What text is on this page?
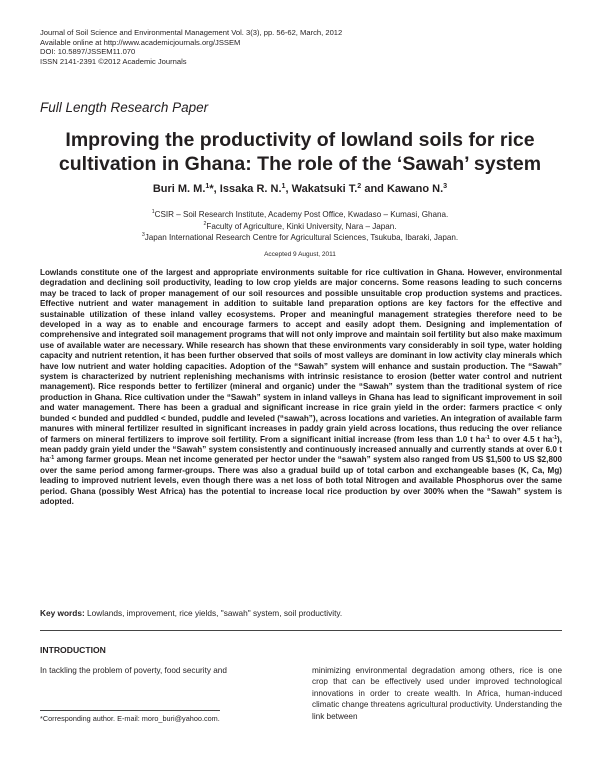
Journal of Soil Science and Environmental Management Vol. 3(3), pp. 56-62, March, 2012
Available online at http://www.academicjournals.org/JSSEM
DOI: 10.5897/JSSEM11.070
ISSN 2141-2391 ©2012 Academic Journals
Full Length Research Paper
Improving the productivity of lowland soils for rice
cultivation in Ghana: The role of the ‘Sawah’ system
Buri M. M.$^1$*, Issaka R. N.$^1$, Wakatsuki T.$^2$ and Kawano N.$^3$
$^1$CSIR – Soil Research Institute, Academy Post Office, Kwadaso – Kumasi, Ghana.
$^2$Faculty of Agriculture, Kinki University, Nara – Japan.
$^3$Japan International Research Centre for Agricultural Sciences, Tsukuba, Ibaraki, Japan.
Accepted 9 August, 2011
Lowlands constitute one of the largest and appropriate environments suitable for rice cultivation in Ghana. However, environmental degradation and declining soil productivity, leading to low crop yields are major concerns. Some reasons leading to such concerns may be traced to lack of proper management of our soil resources and possible unsuitable crop production systems and practices. Effective nutrient and water management in addition to suitable land preparation options are key factors for the effective and sustainable utilization of these inland valley ecosystems. Proper and meaningful management strategies therefore need to be developed in a way as to enable and encourage farmers to accept and easily adopt them. Designing and implementation of comprehensive and integrated soil management programs that will not only improve and maintain soil fertility but also make maximum use of available water are necessary. While research has shown that these environments vary considerably in soil type, water holding capacity and nutrient retention, it has been further observed that soils of most valleys are dominant in low activity clay minerals which have low nutrient and water holding capacities. Adoption of the “Sawah” system will enhance and sustain production. The “Sawah” system is characterized by nutrient replenishing mechanisms with intrinsic resistance to erosion (better water control and nutrient management). Rice responds better to fertilizer (mineral and organic) under the “Sawah” system than the traditional system of rice production in Ghana. Rice cultivation under the “Sawah” system in inland valleys in Ghana has lead to significant improvement in soil and water management. There has been a gradual and significant increase in rice grain yield in the order: farmers practice < only bunded < bunded and puddled < bunded, puddle and leveled (“sawah”), across locations and varieties. An integration of available farm manures with mineral fertilizer resulted in significant increases in paddy grain yield across locations, thus reducing the over reliance of farmers on mineral fertilizers to improve soil fertility. From a significant initial increase (from less than 1.0 t $ha^{-1}$ to over 4.5 t $ha^{-1}$), mean paddy grain yield under the “Sawah” system consistently and continuously increased annually and currently stands at over 6.0 t $ha^{-1}$ among farmer groups. Mean net income generated per hector under the “sawah” system also ranged from US $1,500 to US $2,800 over the same period among farmer-groups. There was also a gradual build up of total carbon and exchangeable bases (K, Ca, Mg) leading to improved nutrient levels, even though there was a net loss of both total Nitrogen and available Phosphorus over the same period. Ghana (possibly West Africa) has the potential to increase local rice production by over 300% when the “Sawah” system is adopted.
Key words: Lowlands, improvement, rice yields, "sawah" system, soil productivity.
INTRODUCTION
In tackling the problem of poverty, food security and	minimizing environmental degradation among others, rice is one crop that can be effectively used under improved technological innovations in order to create wealth. In Africa, human-induced climatic change threatens agricultural productivity. Understanding the link between
*Corresponding author. E-mail: moro_buri@yahoo.com.
